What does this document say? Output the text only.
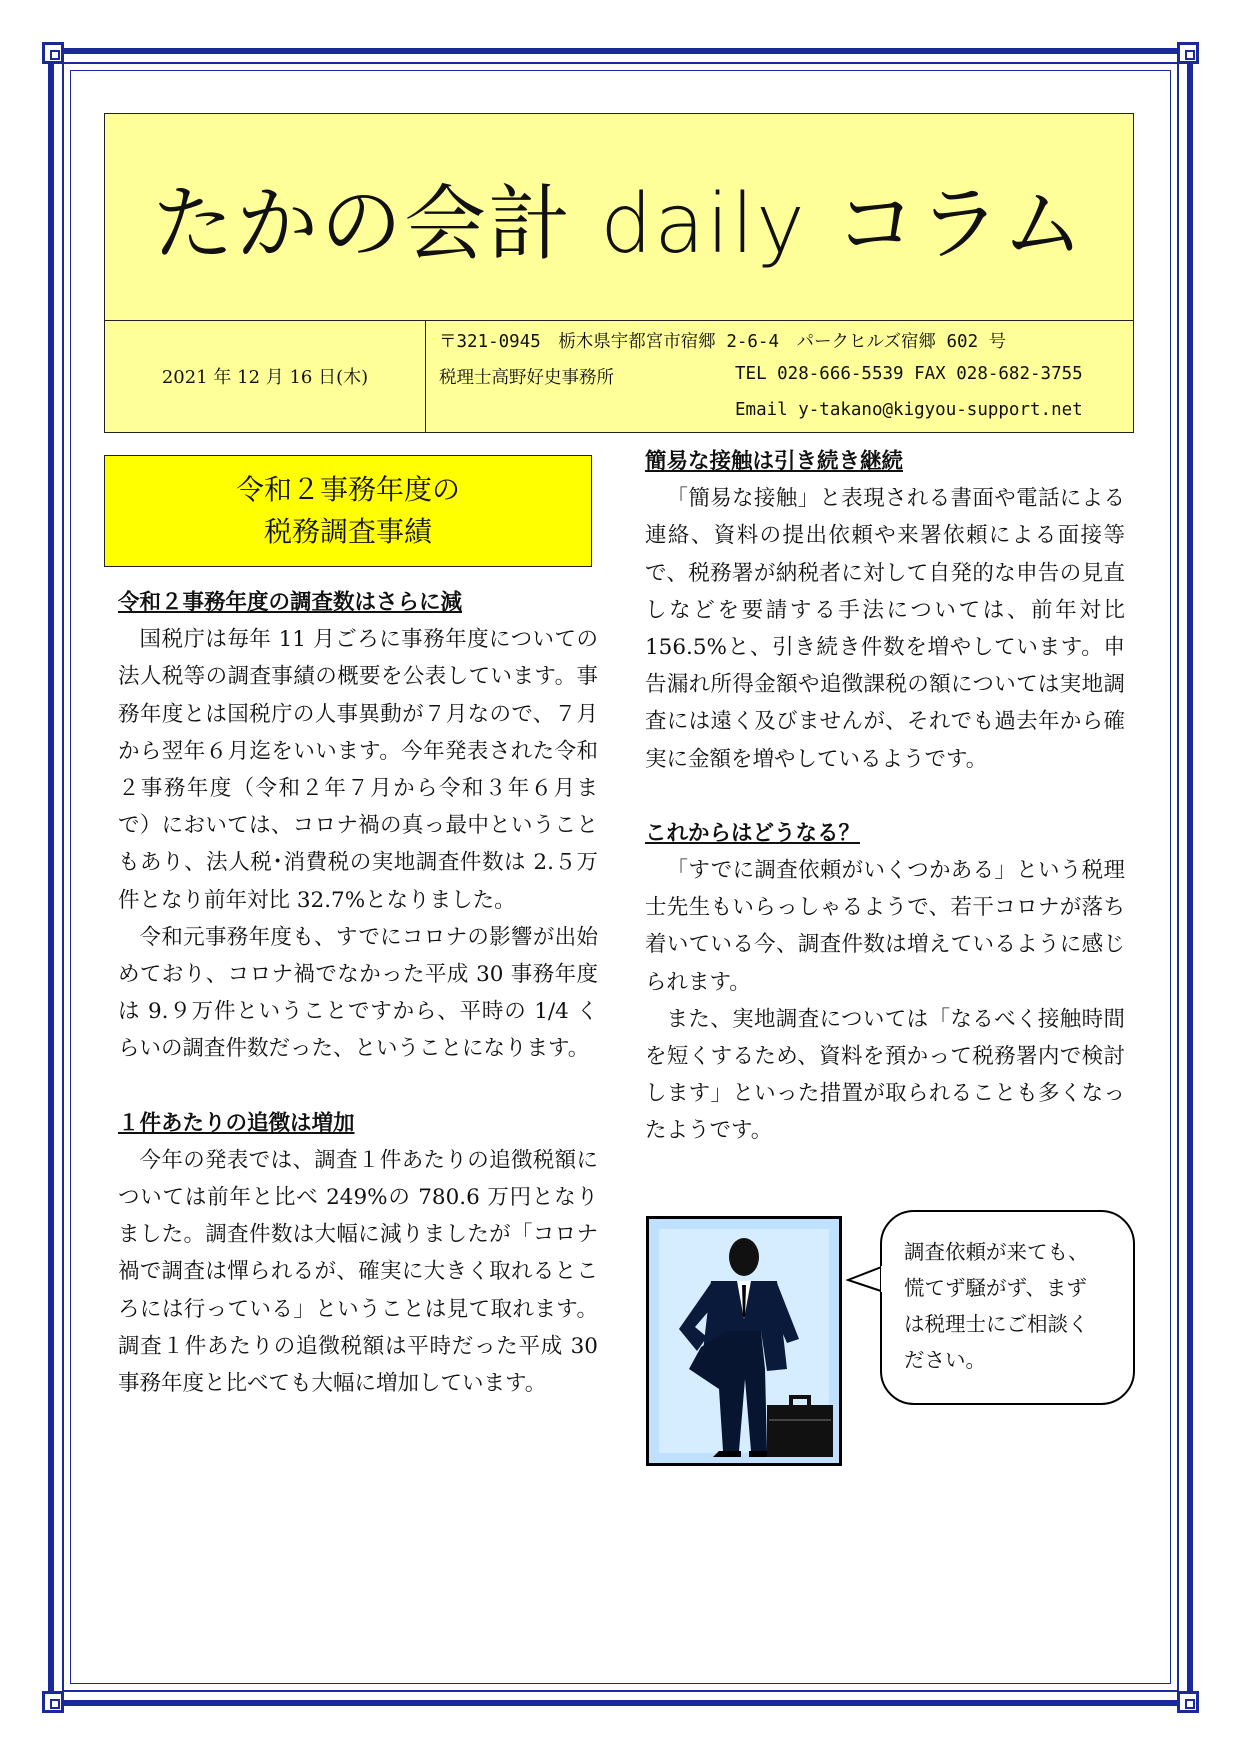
たかの会計 daily コラム
2021 年 12 月 16 日(木)
〒321-0945　栃木県宇都宮市宿郷 2-6-4　パークヒルズ宿郷 602 号
税理士高野好史事務所	TEL 028-666-5539 FAX 028-682-3755
Email y-takano@kigyou-support.net
令和２事務年度の
税務調査事績
令和２事務年度の調査数はさらに減

国税庁は毎年 11 月ごろに事務年度についての法人税等の調査事績の概要を公表しています。事務年度とは国税庁の人事異動が７月なので、７月から翌年６月迄をいいます。今年発表された令和２事務年度（令和２年７月から令和３年６月まで）においては、コロナ禍の真っ最中ということもあり、法人税･消費税の実地調査件数は 2.５万件となり前年対比 32.7%となりました。

令和元事務年度も、すでにコロナの影響が出始めており、コロナ禍でなかった平成 30 事務年度は 9.９万件ということですから、平時の 1/4 くらいの調査件数だった、ということになります。

１件あたりの追徴は増加

今年の発表では、調査１件あたりの追徴税額については前年と比べ 249%の 780.6 万円となりました。調査件数は大幅に減りましたが「コロナ禍で調査は憚られるが、確実に大きく取れるところには行っている」ということは見て取れます。調査１件あたりの追徴税額は平時だった平成 30 事務年度と比べても大幅に増加しています。

簡易な接触は引き続き継続

「簡易な接触」と表現される書面や電話による連絡、資料の提出依頼や来署依頼による面接等で、税務署が納税者に対して自発的な申告の見直しなどを要請する手法については、前年対比 156.5%と、引き続き件数を増やしています。申告漏れ所得金額や追徴課税の額については実地調査には遠く及びませんが、それでも過去年から確実に金額を増やしているようです。

これからはどうなる？

「すでに調査依頼がいくつかある」という税理士先生もいらっしゃるようで、若干コロナが落ち着いている今、調査件数は増えているように感じられます。

また、実地調査については「なるべく接触時間を短くするため、資料を預かって税務署内で検討します」といった措置が取られることも多くなったようです。

調査依頼が来ても、
慌てず騒がず、まず
は税理士にご相談く
ださい。
